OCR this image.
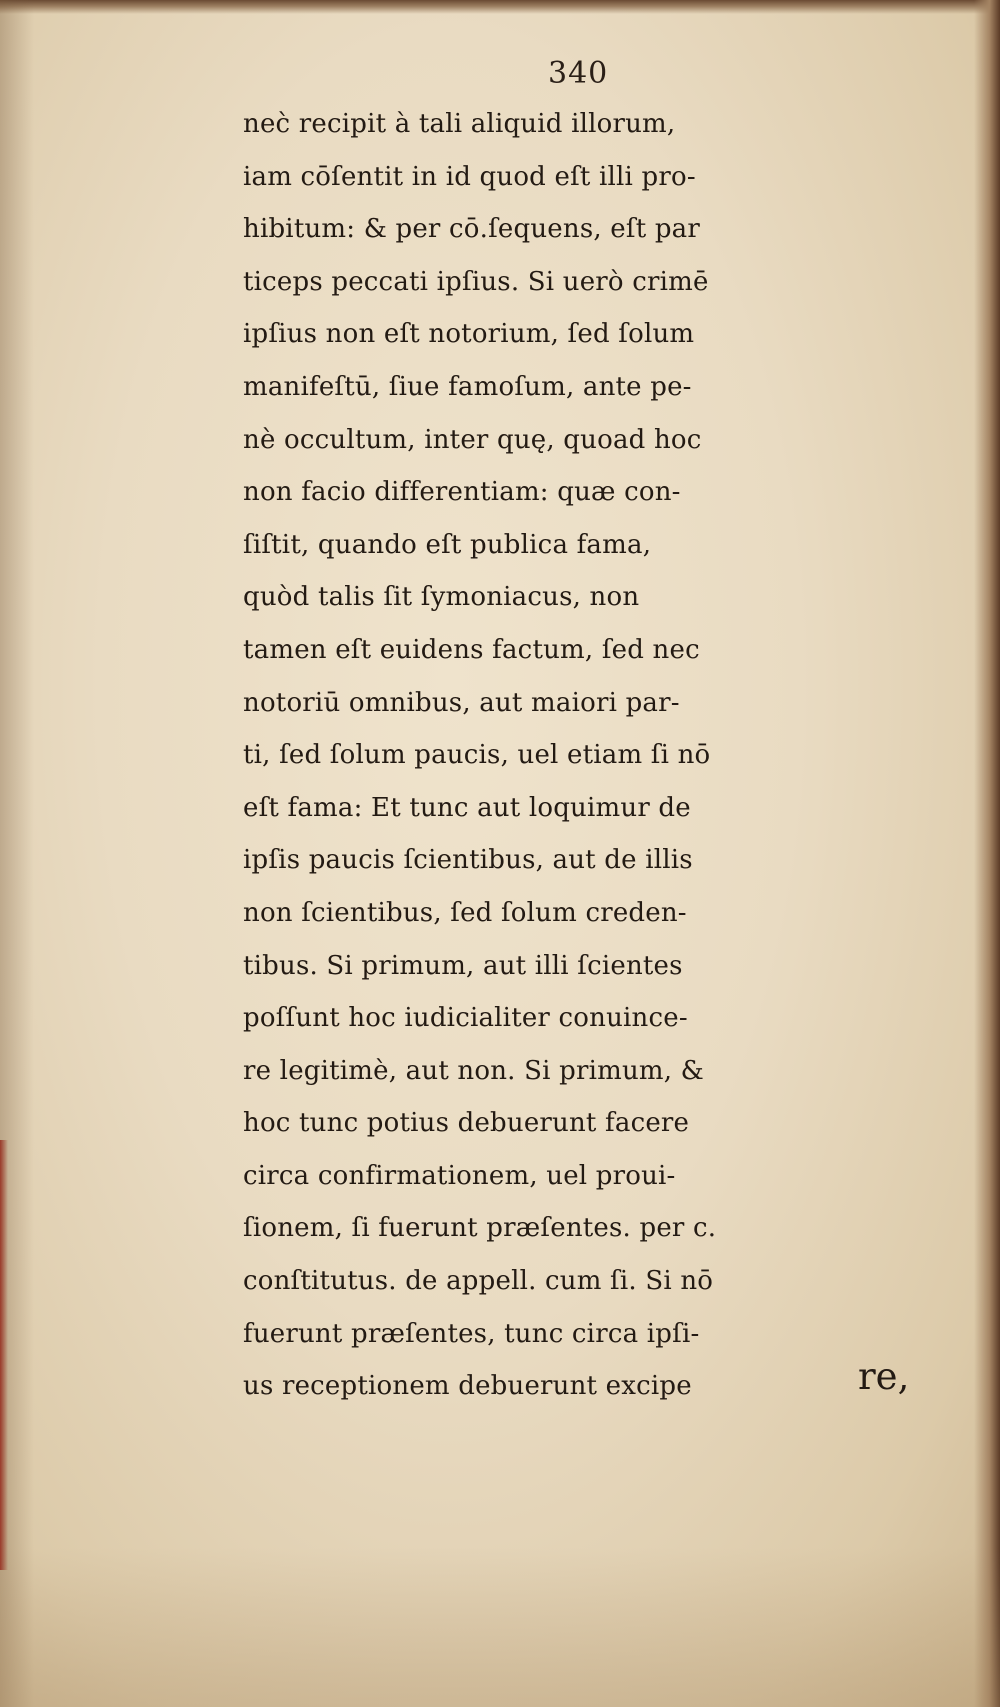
340
nec̀ recipit à tali aliquid illorum,
iam cōſentit in id quod eſt illi pro-
hibitum: & per cō.ſequens, eſt par
ticeps peccati ipſius. Si uerò crimē
ipſius non eſt notorium, ſed ſolum
manifeſtū, ſiue famoſum, ante pe-
nè occultum, inter quę, quoad hoc
non facio differentiam: quæ con-
ſiſtit, quando eſt publica fama,
quòd talis ſit ſymoniacus, non
tamen eſt euidens factum, ſed nec
notoriū omnibus, aut maiori par-
ti, ſed ſolum paucis, uel etiam ſi nō
eſt fama: Et tunc aut loquimur de
ipſis paucis ſcientibus, aut de illis
non ſcientibus, ſed ſolum creden-
tibus. Si primum, aut illi ſcientes
poſſunt hoc iudicialiter conuince-
re legitimè, aut non. Si primum, &
hoc tunc potius debuerunt facere
circa confirmationem, uel proui-
ſionem, ſi fuerunt præſentes. per c.
conſtitutus. de appell. cum ſi. Si nō
fuerunt præſentes, tunc circa ipſi-
us receptionem debuerunt excipe	re,
